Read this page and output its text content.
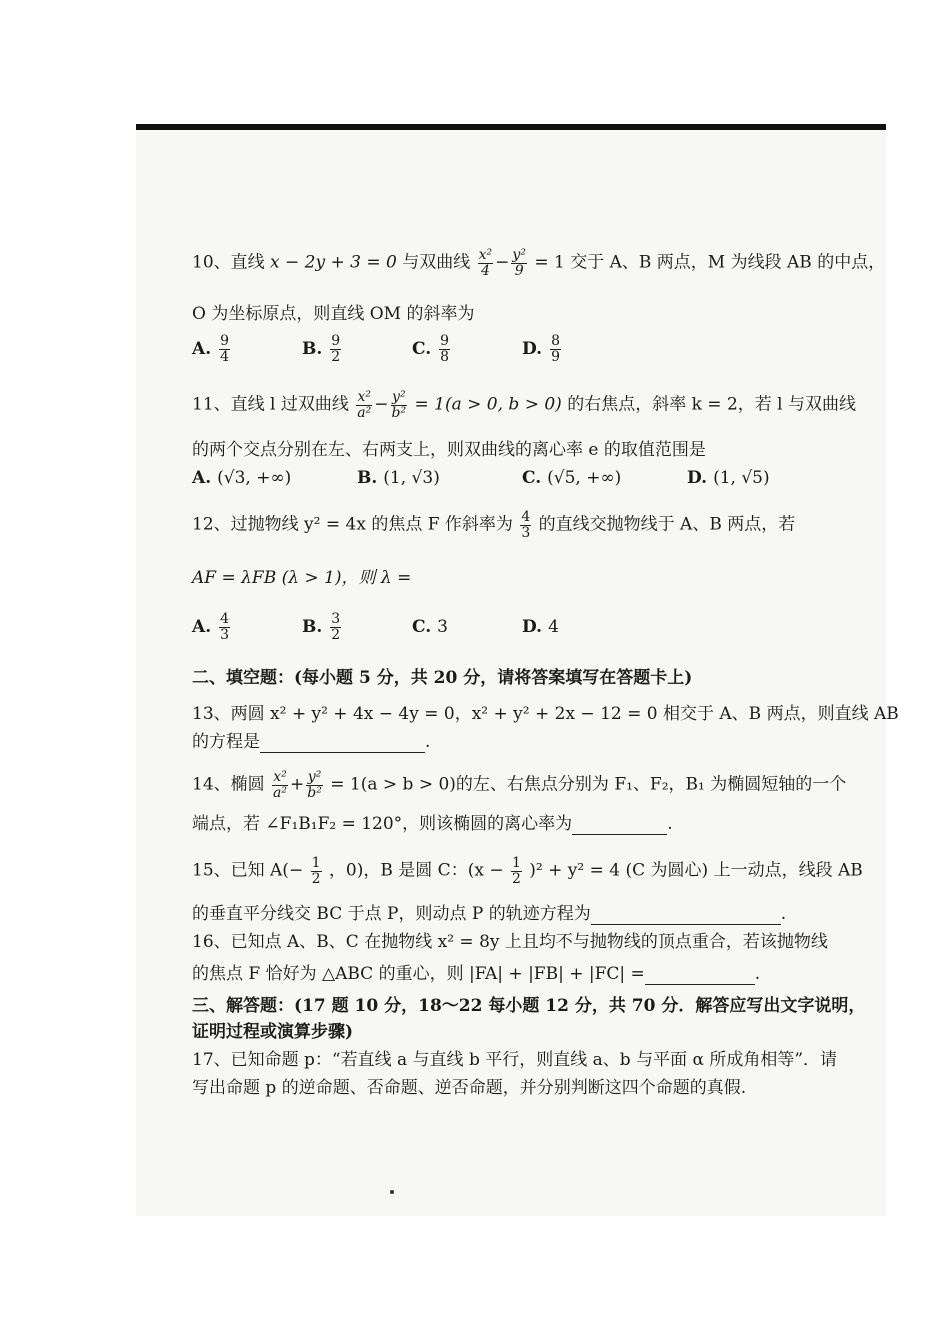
10、直线 x − 2y + 3 = 0 与双曲线 $\frac{\text{x²}}{4} - \frac{\text{y²}}{9} = 1$ 交于 A、B 两点，M 为线段 AB 的中点，
O 为坐标原点，则直线 OM 的斜率为
A. $\frac{9}{4}$	B. $\frac{9}{2}$	C. $\frac{9}{8}$	D. $\frac{8}{9}$
11、直线 l 过双曲线 $\frac{\text{x²}}{\text{a²}} - \frac{\text{y²}}{\text{b²}} = 1(a > 0$, b > 0) 的右焦点，斜率 k = 2，若 l 与双曲线
的两个交点分别在左、右两支上，则双曲线的离心率 e 的取值范围是
A. (√3, +∞)	B. (1, √3)	C. (√5, +∞)	D. (1, √5)
12、过抛物线 y² = 4x 的焦点 F 作斜率为 $\frac{4}{3}$ 的直线交抛物线于 A、B 两点，若
AF = λFB (λ > 1)，则 λ =
A. $\frac{4}{3}$	B. $\frac{3}{2}$	C. 3	D. 4
二、填空题：(每小题 5 分，共 20 分，请将答案填写在答题卡上)
13、两圆 x² + y² + 4x − 4y = 0，x² + y² + 2x − 12 = 0 相交于 A、B 两点，则直线 AB
的方程是	.
14、椭圆 $\frac{\text{x²}}{\text{a²}} + \frac{\text{y²}}{\text{b²}} = 1(a > b > 0)$的左、右焦点分别为 F₁、F₂，B₁ 为椭圆短轴的一个
端点，若 ∠F₁B₁F₂ = 120°，则该椭圆的离心率为	.
15、已知 $A(- \frac{1}{2}$ ，0)，B 是圆 C：$(x - \frac{1}{2} )^2 + y^2 = 4$ (C 为圆心) 上一动点，线段 AB
的垂直平分线交 BC 于点 P，则动点 P 的轨迹方程为	.
16、已知点 A、B、C 在抛物线 x² = 8y 上且均不与抛物线的顶点重合，若该抛物线
的焦点 F 恰好为 △ABC 的重心，则 |FA| + |FB| + |FC| =	.
三、解答题：(17 题 10 分，18～22 每小题 12 分，共 70 分．解答应写出文字说明，
证明过程或演算步骤)
17、已知命题 p：“若直线 a 与直线 b 平行，则直线 a、b 与平面 α 所成角相等”．请
写出命题 p 的逆命题、否命题、逆否命题，并分别判断这四个命题的真假.
